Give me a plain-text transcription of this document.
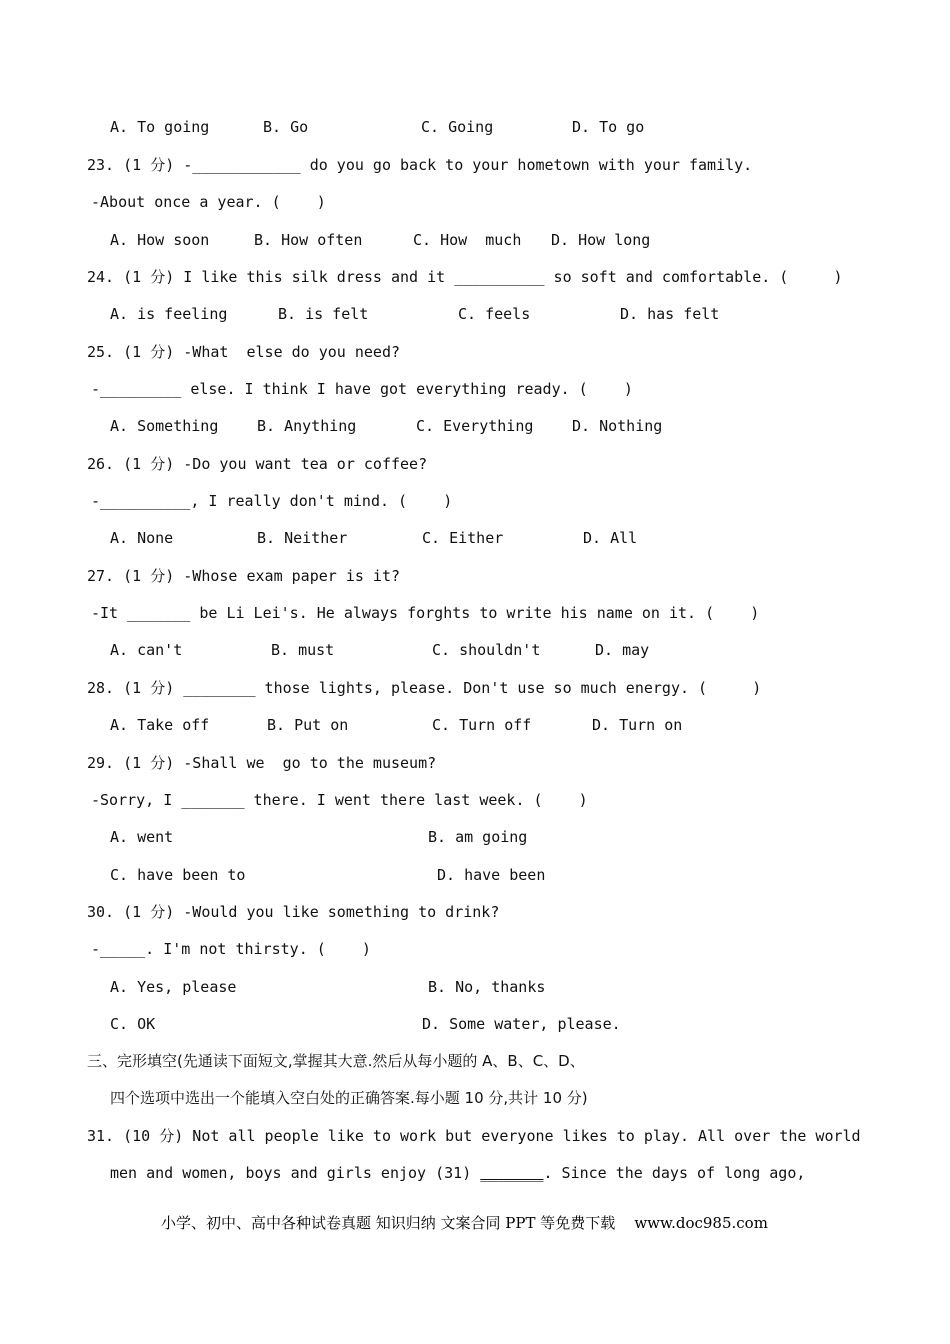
A. To going	B. Go	C. Going	D. To go
23. (1 分) -____________ do you go back to your hometown with your family.
-About once a year. (    )
A. How soon	B. How often	C. How  much D. How long
24. (1 分) I like this silk dress and it __________ so soft and comfortable. (     )
A. is feeling	B. is felt	C. feels	D. has felt
25. (1 分) -What  else do you need?
-_________ else. I think I have got everything ready. (    )
A. Something	B. Anything	C. Everything	D. Nothing
26. (1 分) -Do you want tea or coffee?
-__________, I really don't mind. (    )
A. None	B. Neither	C. Either	D. All
27. (1 分) -Whose exam paper is it?
-It _______ be Li Lei's. He always forghts to write his name on it. (    )
A. can't	B. must	C. shouldn't	D. may
28. (1 分) ________ those lights, please. Don't use so much energy. (     )
A. Take off	B. Put on	C. Turn off	D. Turn on
29. (1 分) -Shall we  go to the museum?
-Sorry, I _______ there. I went there last week. (    )
A. went	B. am going
C. have been to	D. have been
30. (1 分) -Would you like something to drink?
-_____. I'm not thirsty. (    )
A. Yes, please	B. No, thanks
C. OK	D. Some water, please.
三、完形填空(先通读下面短文,掌握其大意.然后从每小题的 A、B、C、D、
四个选项中选出一个能填入空白处的正确答案.每小题 10 分,共计 10 分)
31. (10 分) Not all people like to work but everyone likes to play. All over the world
men and women, boys and girls enjoy (31) _______. Since the days of long ago,
小学、初中、高中各种试卷真题 知识归纳 文案合同 PPT 等免费下载    www.doc985.com
